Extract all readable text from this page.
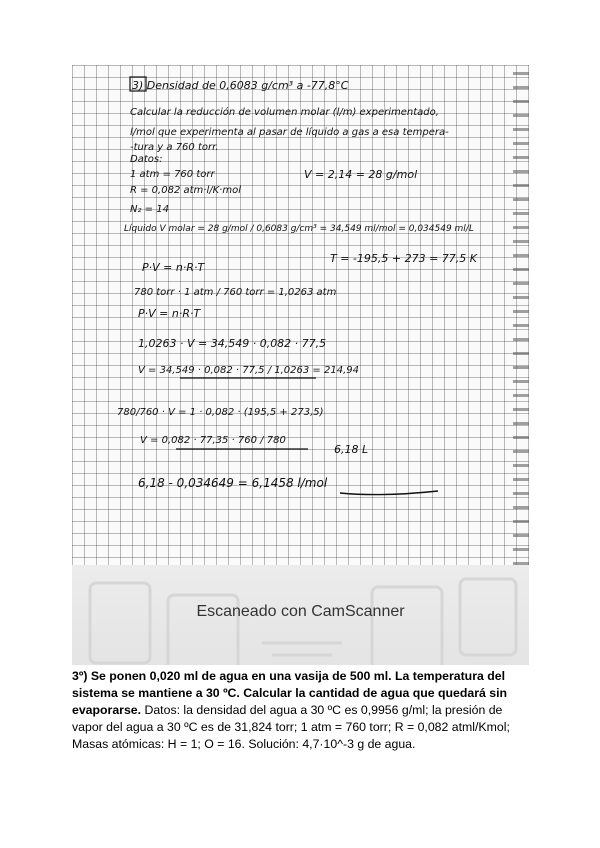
3) Densidad de 0,6083 g/cm³ a -77,8°C
Calcular la reducción de volumen molar (l/m) experimentado,
l/mol que experimenta al pasar de líquido a gas a esa tempera-
-tura y a 760 torr.
Datos:
1 atm = 760 torr	V = 2,14 = 28 g/mol
R = 0,082 atm·l/K·mol
N₂ = 14
Líquido V molar = 28 g/mol / 0,6083 g/cm³ = 34,549 ml/mol = 0,034549 ml/L
P·V = n·R·T
T = -195,5 + 273 = 77,5 K
780 torr · 1 atm / 760 torr = 1,0263 atm
P·V = n·R·T
1,0263 · V = 34,549 · 0,082 · 77,5
V = 34,549 · 0,082 · 77,5 / 1,0263 = 214,94
780/760 · V = 1 · 0,082 · (195,5 + 273,5)
V = 0,082 · 77,35 · 760 / 780
6,18 L
6,18 - 0,034649 = 6,1458 l/mol
Escaneado con CamScanner
3º) Se ponen 0,020 ml de agua en una vasija de 500 ml. La temperatura del sistema se mantiene a 30 ºC. Calcular la cantidad de agua que quedará sin evaporarse. Datos: la densidad del agua a 30 ºC es 0,9956 g/ml; la presión de vapor del agua a 30 ºC es de 31,824 torr; 1 atm = 760 torr; R = 0,082 atml/Kmol; Masas atómicas: H = 1; O = 16. Solución: 4,7·10^-3 g de agua.
